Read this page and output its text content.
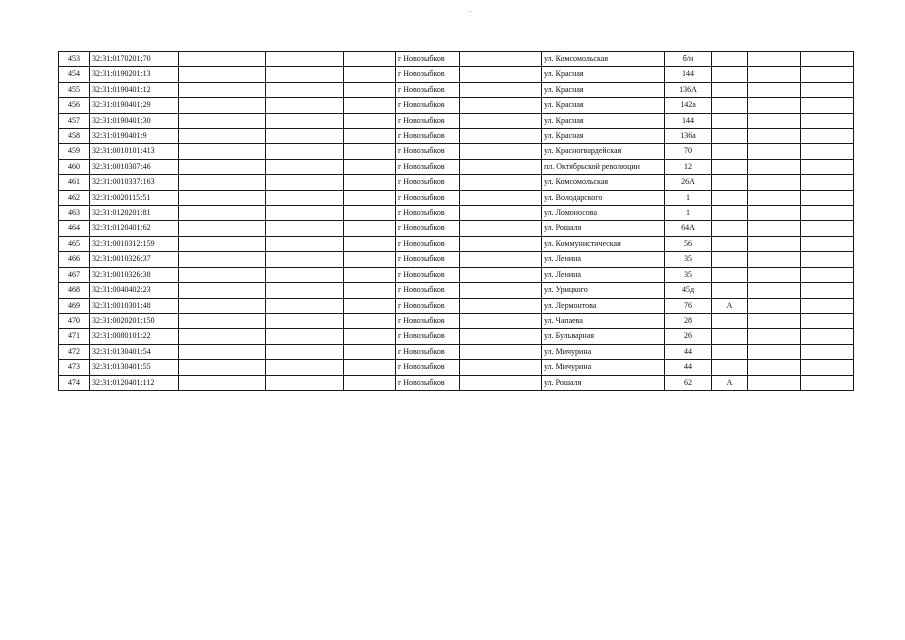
453	32:31:0170201:70				г Новозыбков		ул. Комсомольская	б/н			
454	32:31:0190201:13				г Новозыбков		ул. Красная	144			
455	32:31:0190401:12				г Новозыбков		ул. Красная	136А			
456	32:31:0190401:29				г Новозыбков		ул. Красная	142а			
457	32:31:0190401:30				г Новозыбков		ул. Красная	144			
458	32:31:0190401:9				г Новозыбков		ул. Красная	136а			
459	32:31:0010101:413				г Новозыбков		ул. Красногвардейская	70			
460	32:31:0010307:46				г Новозыбков		пл. Октябрьской революции	12			
461	32:31:0010337:163				г Новозыбков		ул. Комсомольская	26А			
462	32:31:0020115:51				г Новозыбков		ул. Володарского	1			
463	32:31:0120201:81				г Новозыбков		ул. Ломоносова	1			
464	32:31:0120401:62				г Новозыбков		ул. Рошаля	64А			
465	32:31:0010312:159				г Новозыбков		ул. Коммунистическая	56			
466	32:31:0010326:37				г Новозыбков		ул. Ленина	35			
467	32:31:0010326:38				г Новозыбков		ул. Ленина	35			
468	32:31:0040402:23				г Новозыбков		ул. Урицкого	45д			
469	32:31:0010301:48				г Новозыбков		ул. Лермонтова	76	А		
470	32:31:0020201:150				г Новозыбков		ул. Чапаева	28			
471	32:31:0080101:22				г Новозыбков		ул. Бульварная	26			
472	32:31:0130401:54				г Новозыбков		ул. Мичурина	44			
473	32:31:0130401:55				г Новозыбков		ул. Мичурина	44			
474	32:31:0120401:112				г Новозыбков		ул. Рошаля	62	А		
